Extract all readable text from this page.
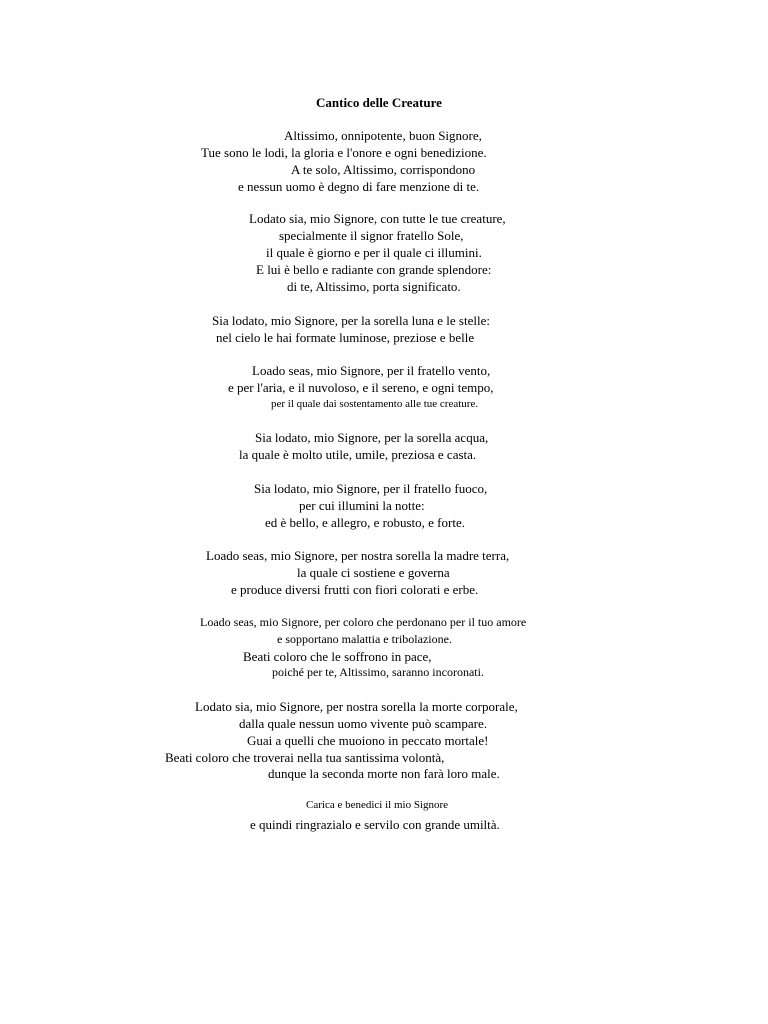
Cantico delle Creature
Altissimo, onnipotente, buon Signore,
Tue sono le lodi, la gloria e l'onore e ogni benedizione.
A te solo, Altissimo, corrispondono
e nessun uomo è degno di fare menzione di te.
Lodato sia, mio Signore, con tutte le tue creature,
specialmente il signor fratello Sole,
il quale è giorno e per il quale ci illumini.
E lui è bello e radiante con grande splendore:
di te, Altissimo, porta significato.
Sia lodato, mio Signore, per la sorella luna e le stelle:
nel cielo le hai formate luminose, preziose e belle
Loado seas, mio Signore, per il fratello vento,
e per l'aria, e il nuvoloso, e il sereno, e ogni tempo,
per il quale dai sostentamento alle tue creature.
Sia lodato, mio Signore, per la sorella acqua,
la quale è molto utile, umile, preziosa e casta.
Sia lodato, mio Signore, per il fratello fuoco,
per cui illumini la notte:
ed è bello, e allegro, e robusto, e forte.
Loado seas, mio Signore, per nostra sorella la madre terra,
la quale ci sostiene e governa
e produce diversi frutti con fiori colorati e erbe.
Loado seas, mio Signore, per coloro che perdonano per il tuo amore
e sopportano malattia e tribolazione.
Beati coloro che le soffrono in pace,
poiché per te, Altissimo, saranno incoronati.
Lodato sia, mio Signore, per nostra sorella la morte corporale,
dalla quale nessun uomo vivente può scampare.
Guai a quelli che muoiono in peccato mortale!
Beati coloro che troverai nella tua santissima volontà,
dunque la seconda morte non farà loro male.
Carica e benedici il mio Signore
e quindi ringrazialo e servilo con grande umiltà.
